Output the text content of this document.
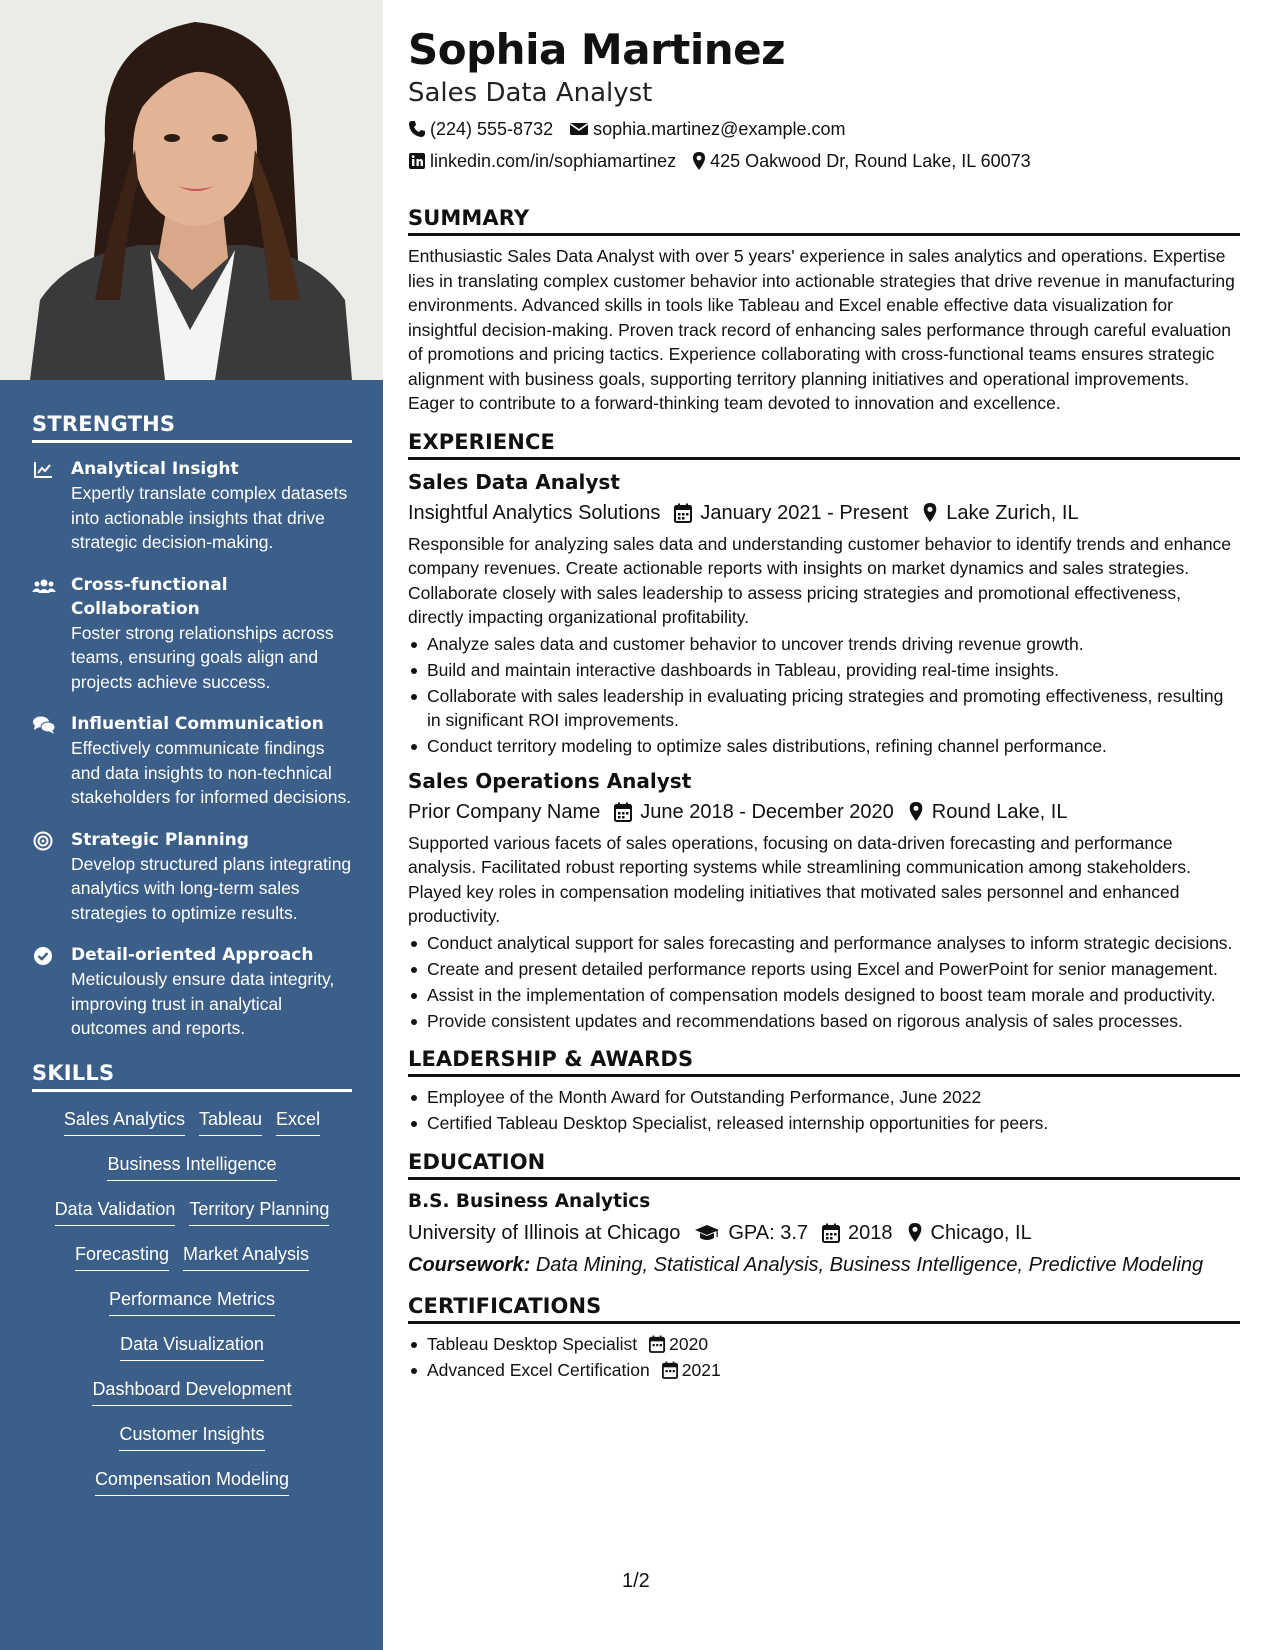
STRENGTHS
Analytical Insight
Expertly translate complex datasets into actionable insights that drive strategic decision-making.
Cross-functional Collaboration
Foster strong relationships across teams, ensuring goals align and projects achieve success.
Influential Communication
Effectively communicate findings and data insights to non-technical stakeholders for informed decisions.
Strategic Planning
Develop structured plans integrating analytics with long-term sales strategies to optimize results.
Detail-oriented Approach
Meticulously ensure data integrity, improving trust in analytical outcomes and reports.
SKILLS
Sales Analytics Tableau Excel
Business Intelligence
Data Validation Territory Planning
Forecasting Market Analysis
Performance Metrics
Data Visualization
Dashboard Development
Customer Insights
Compensation Modeling
Sophia Martinez
Sales Data Analyst
(224) 555-8732 sophia.martinez@example.com
linkedin.com/in/sophiamartinez 425 Oakwood Dr, Round Lake, IL 60073
SUMMARY
Enthusiastic Sales Data Analyst with over 5 years' experience in sales analytics and operations. Expertise lies in translating complex customer behavior into actionable strategies that drive revenue in manufacturing environments. Advanced skills in tools like Tableau and Excel enable effective data visualization for insightful decision-making. Proven track record of enhancing sales performance through careful evaluation of promotions and pricing tactics. Experience collaborating with cross-functional teams ensures strategic alignment with business goals, supporting territory planning initiatives and operational improvements. Eager to contribute to a forward-thinking team devoted to innovation and excellence.
EXPERIENCE
Sales Data Analyst
Insightful Analytics Solutions January 2021 - Present Lake Zurich, IL
Responsible for analyzing sales data and understanding customer behavior to identify trends and enhance company revenues. Create actionable reports with insights on market dynamics and sales strategies. Collaborate closely with sales leadership to assess pricing strategies and promotional effectiveness, directly impacting organizational profitability.
Analyze sales data and customer behavior to uncover trends driving revenue growth.
Build and maintain interactive dashboards in Tableau, providing real-time insights.
Collaborate with sales leadership in evaluating pricing strategies and promoting effectiveness, resulting in significant ROI improvements.
Conduct territory modeling to optimize sales distributions, refining channel performance.
Sales Operations Analyst
Prior Company Name June 2018 - December 2020 Round Lake, IL
Supported various facets of sales operations, focusing on data-driven forecasting and performance analysis. Facilitated robust reporting systems while streamlining communication among stakeholders. Played key roles in compensation modeling initiatives that motivated sales personnel and enhanced productivity.
Conduct analytical support for sales forecasting and performance analyses to inform strategic decisions.
Create and present detailed performance reports using Excel and PowerPoint for senior management.
Assist in the implementation of compensation models designed to boost team morale and productivity.
Provide consistent updates and recommendations based on rigorous analysis of sales processes.
LEADERSHIP & AWARDS
Employee of the Month Award for Outstanding Performance, June 2022
Certified Tableau Desktop Specialist, released internship opportunities for peers.
EDUCATION
B.S. Business Analytics
University of Illinois at Chicago GPA: 3.7 2018 Chicago, IL
Coursework: Data Mining, Statistical Analysis, Business Intelligence, Predictive Modeling
CERTIFICATIONS
Tableau Desktop Specialist 2020
Advanced Excel Certification 2021
1/2
